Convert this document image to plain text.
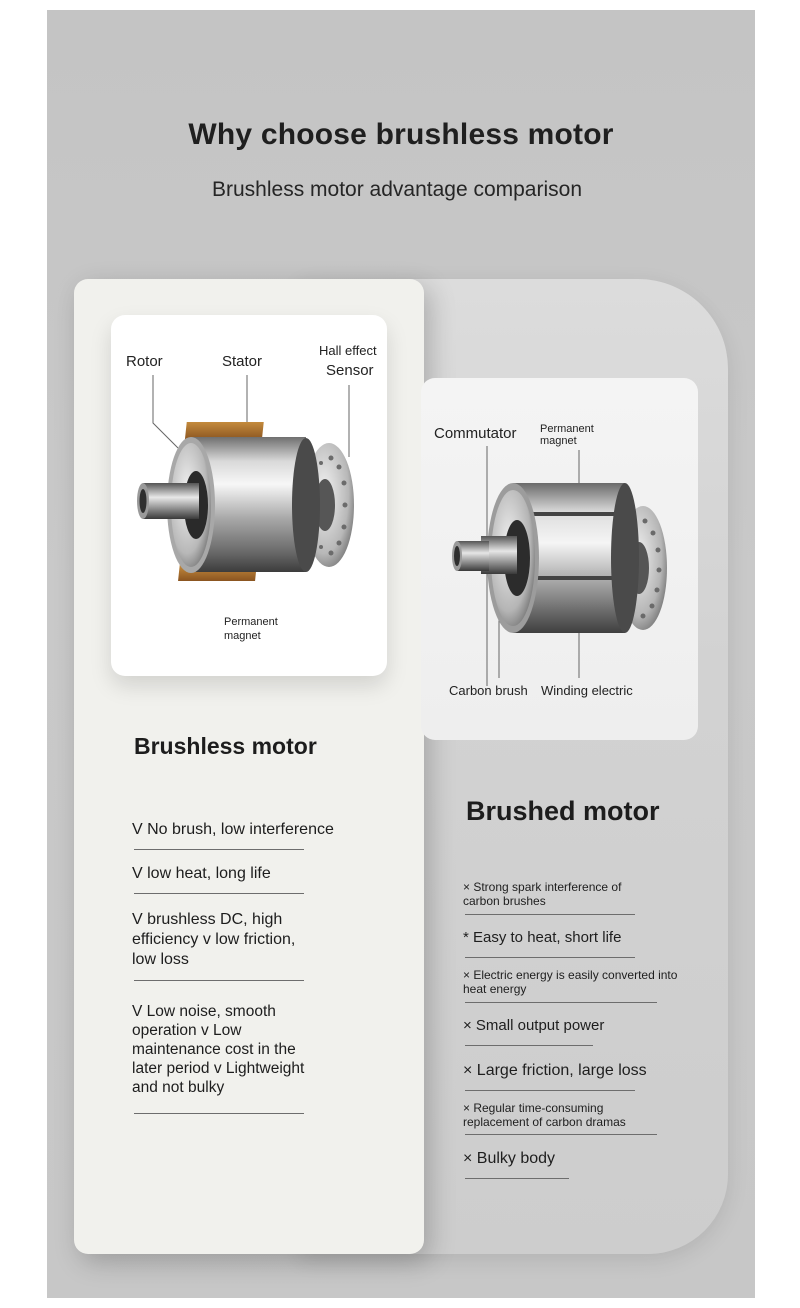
Why choose brushless motor
Brushless motor advantage comparison
Rotor	Stator
Hall effect
Sensor
Permanent
magnet
Commutator Permanent
magnet
Carbon brush Winding electric
Brushless motor
V No brush, low interference
V low heat, long life
V brushless DC, high efficiency v low friction, low loss
V Low noise, smooth operation v Low maintenance cost in the later period v Lightweight and not bulky
Brushed motor
× Strong spark interference of carbon brushes
* Easy to heat, short life
× Electric energy is easily converted into heat energy
× Small output power
× Large friction, large loss
× Regular time-consuming replacement of carbon dramas
× Bulky body
